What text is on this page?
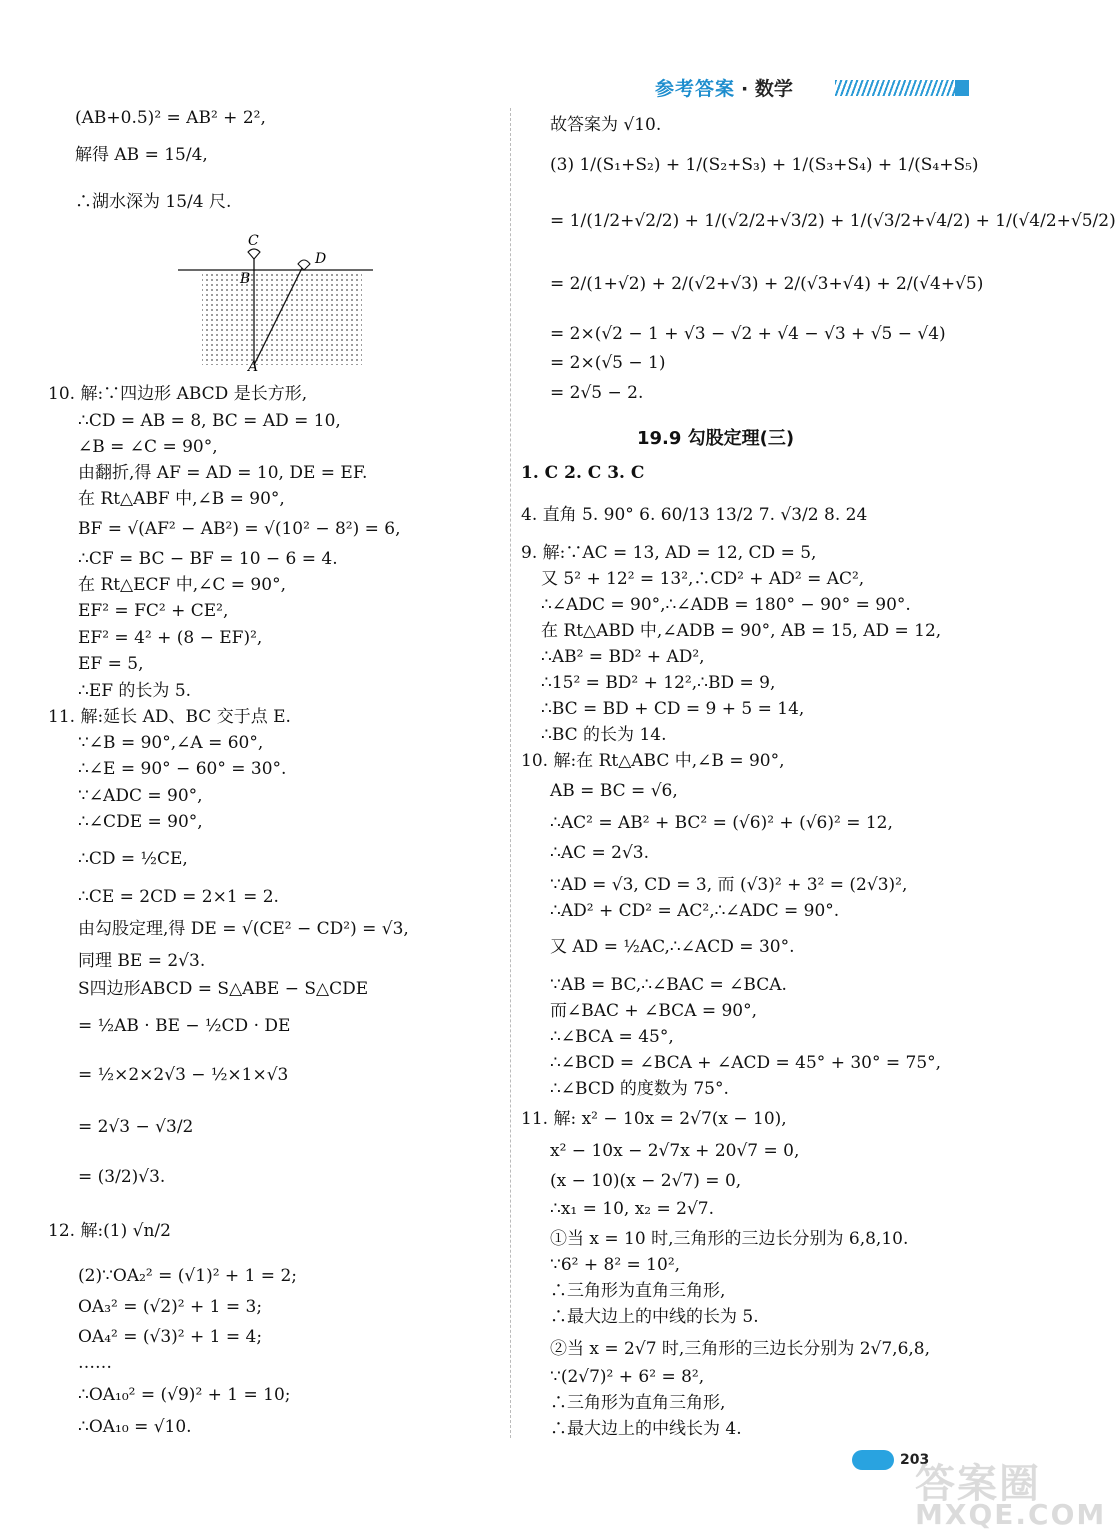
参考答案 · 数学
(AB+0.5)² = AB² + 2²,
解得 AB = 15/4,
∴湖水深为 15/4 尺.
C
D
B
A
10. 解:∵四边形 ABCD 是长方形,
∴CD = AB = 8, BC = AD = 10,
∠B = ∠C = 90°,
由翻折,得 AF = AD = 10, DE = EF.
在 Rt△ABF 中,∠B = 90°,
BF = √(AF² − AB²) = √(10² − 8²) = 6,
∴CF = BC − BF = 10 − 6 = 4.
在 Rt△ECF 中,∠C = 90°,
EF² = FC² + CE²,
EF² = 4² + (8 − EF)²,
EF = 5,
∴EF 的长为 5.
11. 解:延长 AD、BC 交于点 E.
∵∠B = 90°,∠A = 60°,
∴∠E = 90° − 60° = 30°.
∵∠ADC = 90°,
∴∠CDE = 90°,
∴CD = ½CE,
∴CE = 2CD = 2×1 = 2.
由勾股定理,得 DE = √(CE² − CD²) = √3,
同理 BE = 2√3.
S四边形ABCD = S△ABE − S△CDE
= ½AB · BE − ½CD · DE
= ½×2×2√3 − ½×1×√3
= 2√3 − √3/2
= (3/2)√3.
12. 解:(1) √n/2
(2)∵OA₂² = (√1)² + 1 = 2;
OA₃² = (√2)² + 1 = 3;
OA₄² = (√3)² + 1 = 4;
……
∴OA₁₀² = (√9)² + 1 = 10;
∴OA₁₀ = √10.
故答案为 √10.
(3) 1/(S₁+S₂) + 1/(S₂+S₃) + 1/(S₃+S₄) + 1/(S₄+S₅)
= 1/(1/2+√2/2) + 1/(√2/2+√3/2) + 1/(√3/2+√4/2) + 1/(√4/2+√5/2)
= 2/(1+√2) + 2/(√2+√3) + 2/(√3+√4) + 2/(√4+√5)
= 2×(√2 − 1 + √3 − √2 + √4 − √3 + √5 − √4)
= 2×(√5 − 1)
= 2√5 − 2.
19.9 勾股定理(三)
1. C 2. C 3. C
4. 直角 5. 90° 6. 60/13 13/2 7. √3/2 8. 24
9. 解:∵AC = 13, AD = 12, CD = 5,
又 5² + 12² = 13²,∴CD² + AD² = AC²,
∴∠ADC = 90°,∴∠ADB = 180° − 90° = 90°.
在 Rt△ABD 中,∠ADB = 90°, AB = 15, AD = 12,
∴AB² = BD² + AD²,
∴15² = BD² + 12²,∴BD = 9,
∴BC = BD + CD = 9 + 5 = 14,
∴BC 的长为 14.
10. 解:在 Rt△ABC 中,∠B = 90°,
AB = BC = √6,
∴AC² = AB² + BC² = (√6)² + (√6)² = 12,
∴AC = 2√3.
∵AD = √3, CD = 3, 而 (√3)² + 3² = (2√3)²,
∴AD² + CD² = AC²,∴∠ADC = 90°.
又 AD = ½AC,∴∠ACD = 30°.
∵AB = BC,∴∠BAC = ∠BCA.
而∠BAC + ∠BCA = 90°,
∴∠BCA = 45°,
∴∠BCD = ∠BCA + ∠ACD = 45° + 30° = 75°,
∴∠BCD 的度数为 75°.
11. 解: x² − 10x = 2√7(x − 10),
x² − 10x − 2√7x + 20√7 = 0,
(x − 10)(x − 2√7) = 0,
∴x₁ = 10, x₂ = 2√7.
①当 x = 10 时,三角形的三边长分别为 6,8,10.
∵6² + 8² = 10²,
∴三角形为直角三角形,
∴最大边上的中线的长为 5.
②当 x = 2√7 时,三角形的三边长分别为 2√7,6,8,
∵(2√7)² + 6² = 8²,
∴三角形为直角三角形,
∴最大边上的中线长为 4.
203
答案圈
MXQE.COM
